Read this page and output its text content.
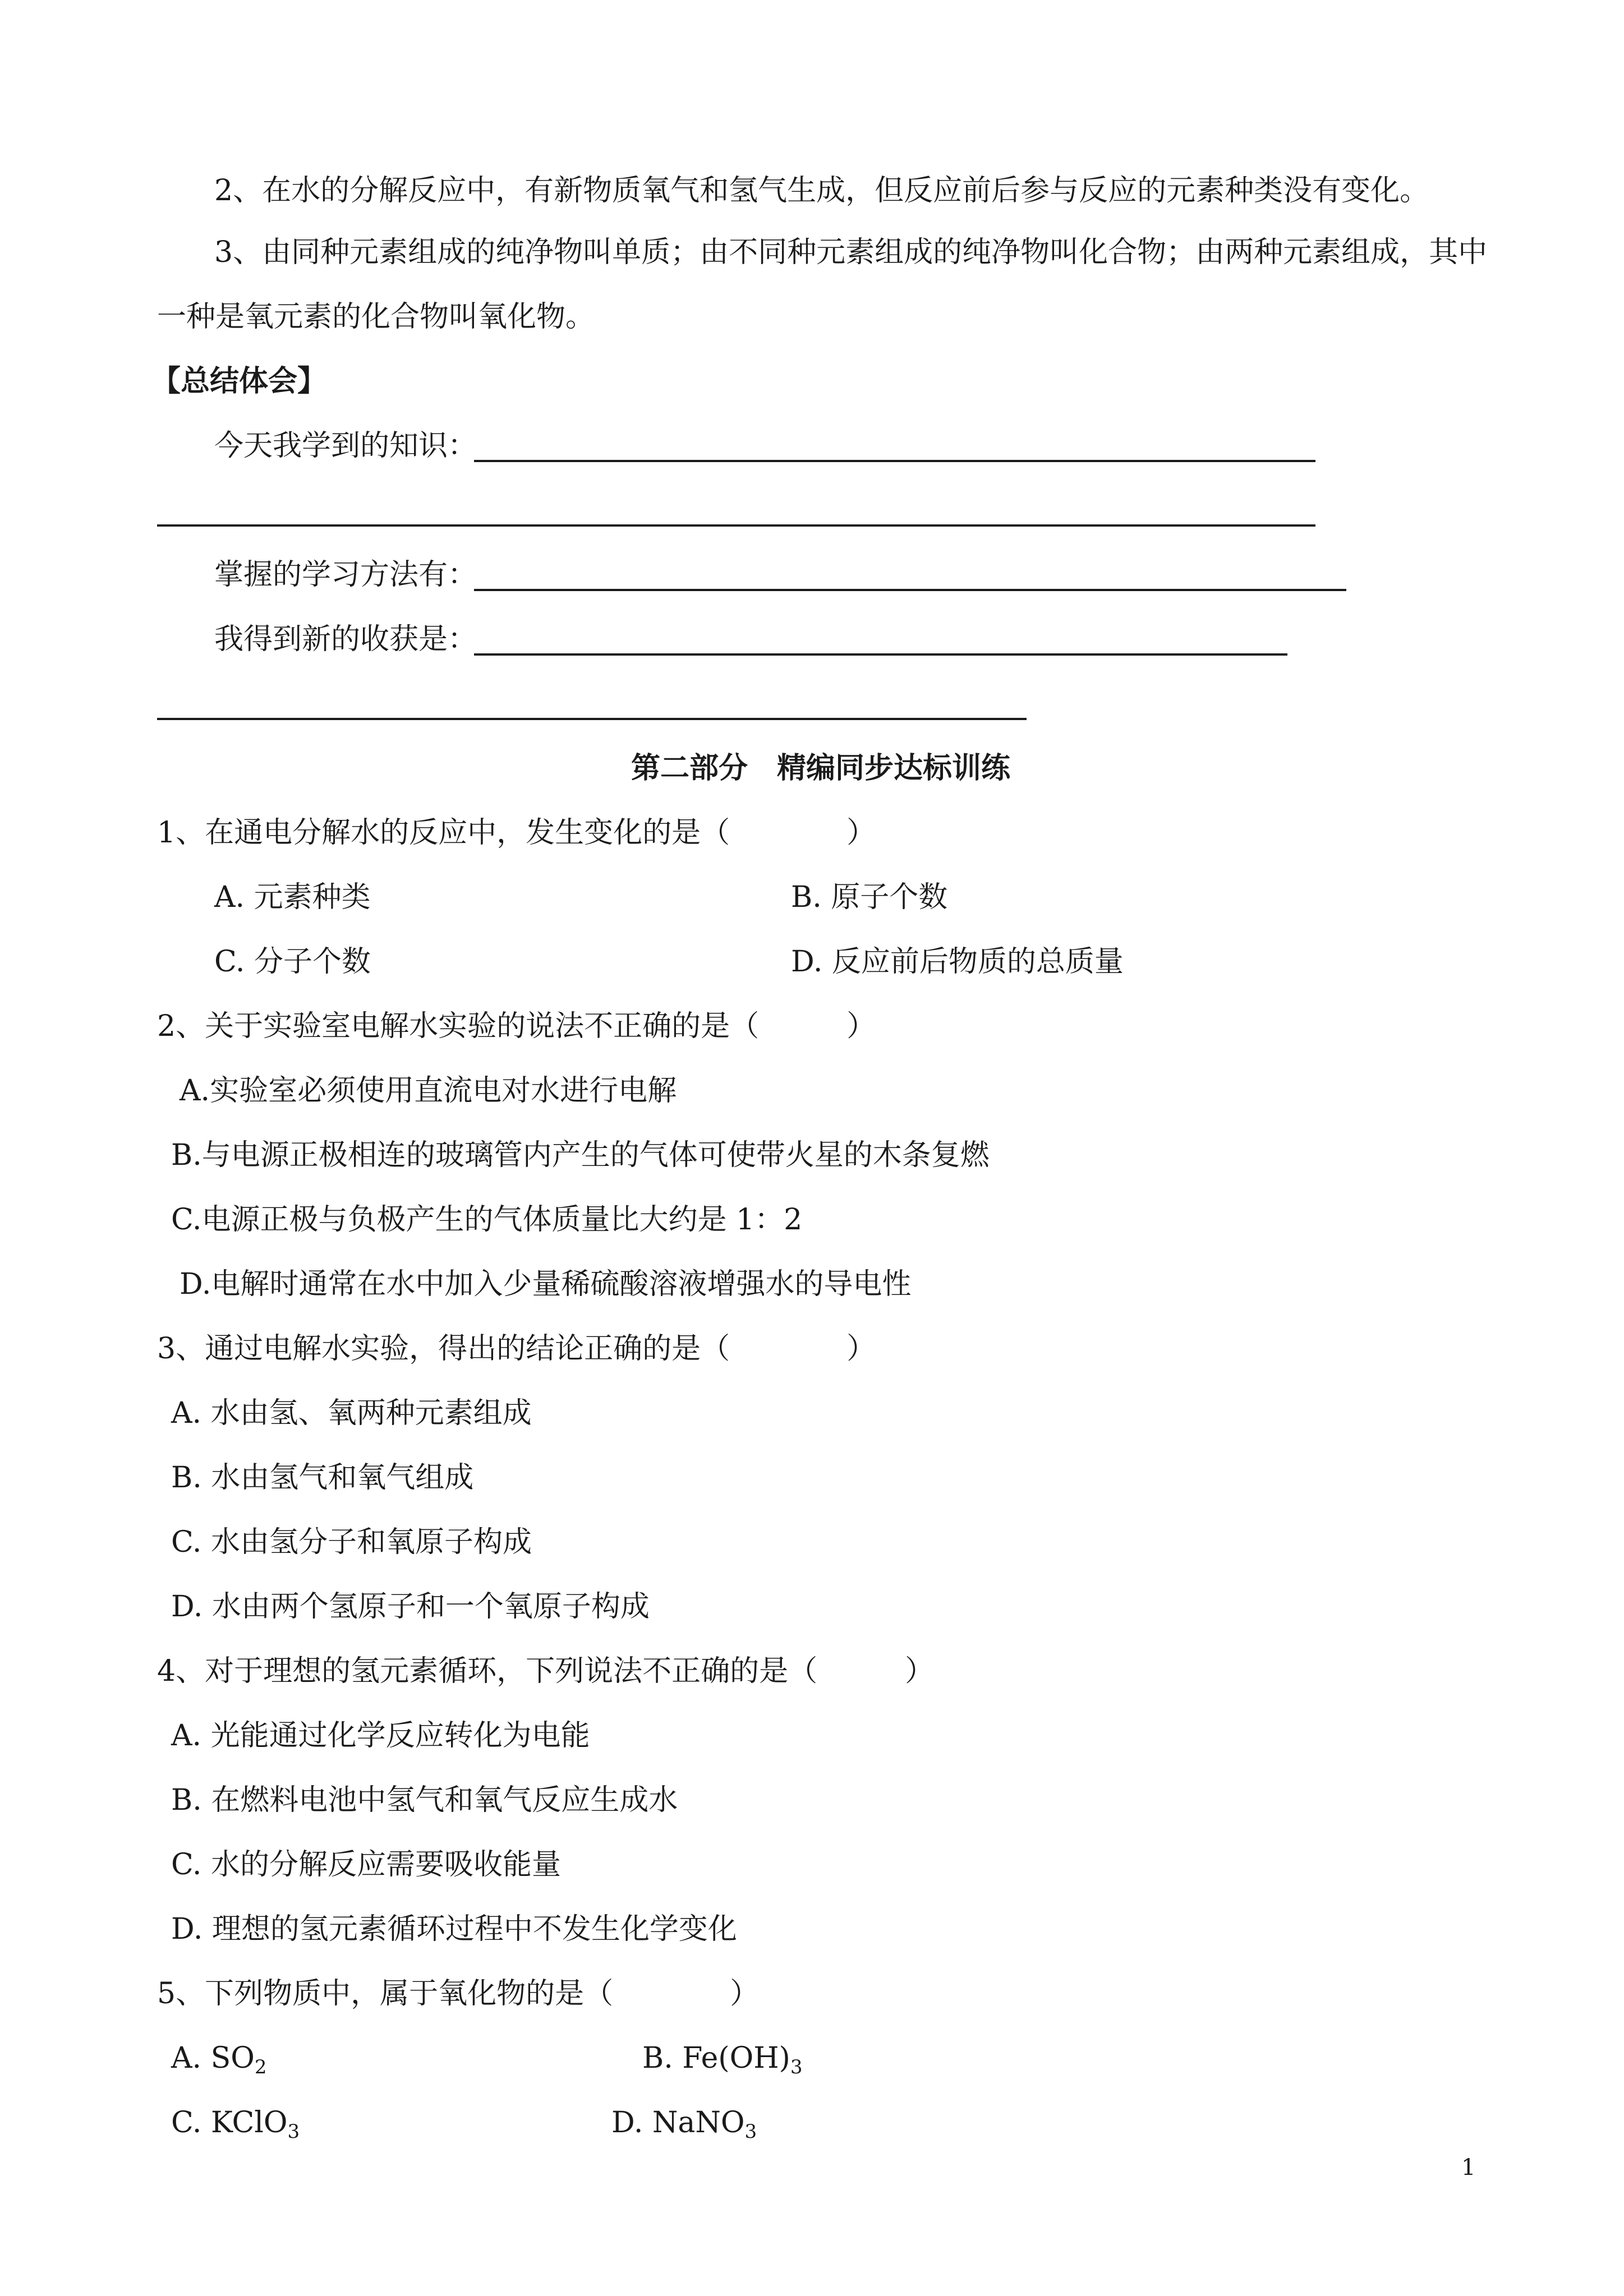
2、在水的分解反应中，有新物质氧气和氢气生成，但反应前后参与反应的元素种类没有变化。
3、由同种元素组成的纯净物叫单质；由不同种元素组成的纯净物叫化合物；由两种元素组成，其中
一种是氧元素的化合物叫氧化物。
【总结体会】
今天我学到的知识：
掌握的学习方法有：
我得到新的收获是：
第二部分　精编同步达标训练
1、在通电分解水的反应中，发生变化的是（　　　　）
A. 元素种类	B. 原子个数
C. 分子个数	D. 反应前后物质的总质量
2、关于实验室电解水实验的说法不正确的是（　　　）
A.实验室必须使用直流电对水进行电解
B.与电源正极相连的玻璃管内产生的气体可使带火星的木条复燃
C.电源正极与负极产生的气体质量比大约是 1：2
D.电解时通常在水中加入少量稀硫酸溶液增强水的导电性
3、通过电解水实验，得出的结论正确的是（　　　　）
A. 水由氢、氧两种元素组成
B. 水由氢气和氧气组成
C. 水由氢分子和氧原子构成
D. 水由两个氢原子和一个氧原子构成
4、对于理想的氢元素循环，下列说法不正确的是（　　　）
A. 光能通过化学反应转化为电能
B. 在燃料电池中氢气和氧气反应生成水
C. 水的分解反应需要吸收能量
D. 理想的氢元素循环过程中不发生化学变化
5、下列物质中，属于氧化物的是（　　　　）
A. $SO_2$	B. $Fe(OH)_3$
C. KClO$_3$	D. NaNO$_3$
1
